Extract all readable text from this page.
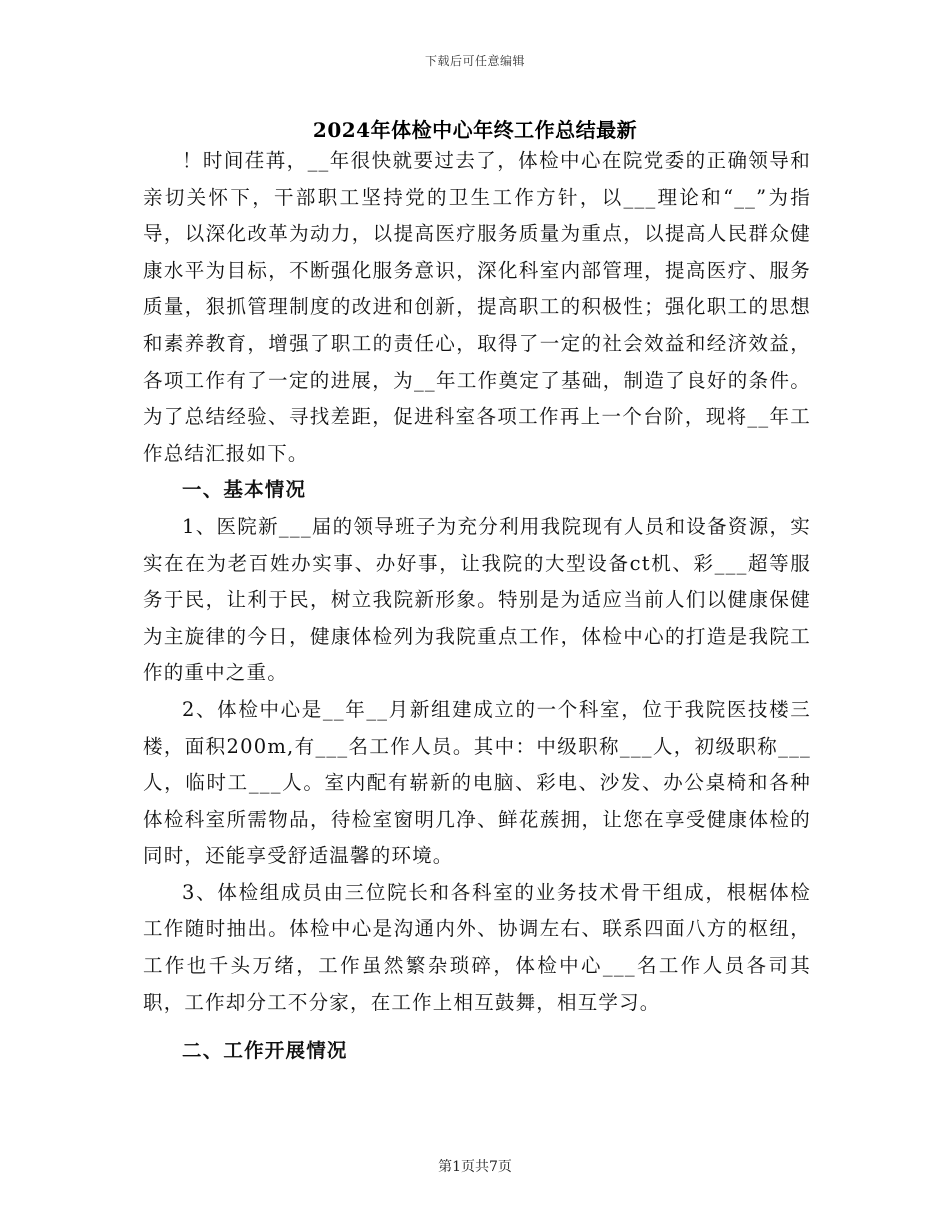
下载后可任意编辑
2024年体检中心年终工作总结最新

！时间荏苒，__年很快就要过去了，体检中心在院党委的正确领导和亲切关怀下，干部职工坚持党的卫生工作方针，以___理论和“__”为指导，以深化改革为动力，以提高医疗服务质量为重点，以提高人民群众健康水平为目标，不断强化服务意识，深化科室内部管理，提高医疗、服务质量，狠抓管理制度的改进和创新，提高职工的积极性；强化职工的思想和素养教育，增强了职工的责任心，取得了一定的社会效益和经济效益，各项工作有了一定的进展，为__年工作奠定了基础，制造了良好的条件。为了总结经验、寻找差距，促进科室各项工作再上一个台阶，现将__年工作总结汇报如下。

一、基本情况

1、医院新___届的领导班子为充分利用我院现有人员和设备资源，实实在在为老百姓办实事、办好事，让我院的大型设备ct机、彩___超等服务于民，让利于民，树立我院新形象。特别是为适应当前人们以健康保健为主旋律的今日，健康体检列为我院重点工作，体检中心的打造是我院工作的重中之重。

2、体检中心是__年__月新组建成立的一个科室，位于我院医技楼三楼，面积200m,有___名工作人员。其中：中级职称___人，初级职称___人，临时工___人。室内配有崭新的电脑、彩电、沙发、办公桌椅和各种体检科室所需物品，待检室窗明几净、鲜花蔟拥，让您在享受健康体检的同时，还能享受舒适温馨的环境。

3、体检组成员由三位院长和各科室的业务技术骨干组成，根椐体检工作随时抽出。体检中心是沟通内外、协调左右、联系四面八方的枢纽，工作也千头万绪，工作虽然繁杂琐碎，体检中心___名工作人员各司其职，工作却分工不分家，在工作上相互鼓舞，相互学习。

二、工作开展情况
第1页共7页
